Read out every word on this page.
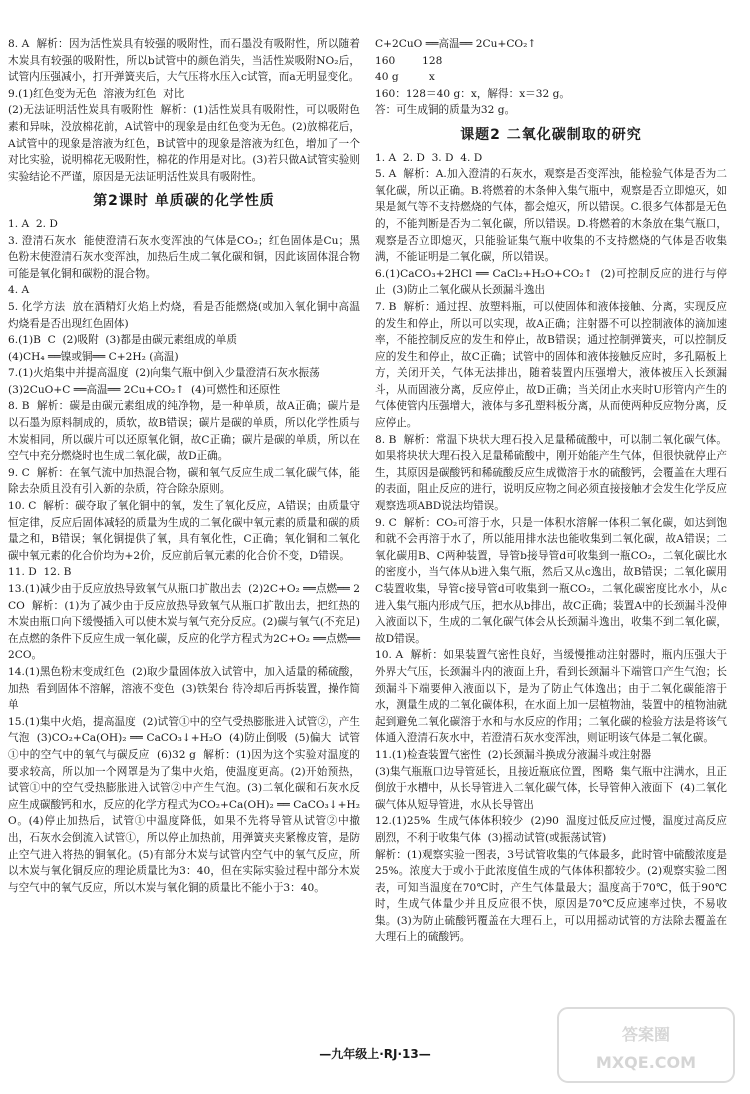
8. A  解析：因为活性炭具有较强的吸附性，而石墨没有吸附性，所以随着木炭具有较强的吸附性，所以b试管中的颜色消失，当活性炭吸附NO₂后，试管内压强减小，打开弹簧夹后，大气压将水压入c试管，而a无明显变化。

9.(1)红色变为无色  溶液为红色  对比

(2)无法证明活性炭具有吸附性  解析：(1)活性炭具有吸附性，可以吸附色素和异味，没放棉花前，A试管中的现象是由红色变为无色。(2)放棉花后，A试管中的现象是溶液为红色，B试管中的现象是溶液为红色，增加了一个对比实验，说明棉花无吸附性，棉花的作用是对比。(3)若只做A试管实验则实验结论不严谨，原因是无法证明活性炭具有吸附性。

第2课时 单质碳的化学性质

1. A  2. D

3. 澄清石灰水  能使澄清石灰水变浑浊的气体是CO₂；红色固体是Cu；黑色粉末使澄清石灰水变浑浊，加热后生成二氧化碳和铜，因此该固体混合物可能是氧化铜和碳粉的混合物。

4. A

5. 化学方法  放在酒精灯火焰上灼烧，看是否能燃烧(或加入氧化铜中高温灼烧看是否出现红色固体)

6.(1)B  C  (2)吸附  (3)都是由碳元素组成的单质

(4)CH₄ ══镍或铜══ C+2H₂ (高温)

7.(1)火焰集中并提高温度  (2)向集气瓶中倒入少量澄清石灰水振荡

(3)2CuO+C ══高温══ 2Cu+CO₂↑  (4)可燃性和还原性

8. B  解析：碳是由碳元素组成的纯净物，是一种单质，故A正确；碳片是以石墨为原料制成的，质软，故B错误；碳片是碳的单质，所以化学性质与木炭相同，所以碳片可以还原氧化铜，故C正确；碳片是碳的单质，所以在空气中充分燃烧时也生成二氧化碳，故D正确。

9. C  解析：在氧气流中加热混合物，碳和氧气反应生成二氧化碳气体，能除去杂质且没有引入新的杂质，符合除杂原则。

10. C  解析：碳夺取了氧化铜中的氧，发生了氧化反应，A错误；由质量守恒定律，反应后固体减轻的质量为生成的二氧化碳中氧元素的质量和碳的质量之和，B错误；氧化铜提供了氧，具有氧化性，C正确；氧化铜和二氧化碳中氧元素的化合价均为+2价，反应前后氧元素的化合价不变，D错误。

11. D  12. B

13.(1)减少由于反应放热导致氧气从瓶口扩散出去  (2)2C+O₂ ══点燃══ 2CO  解析：(1)为了减少由于反应放热导致氧气从瓶口扩散出去，把红热的木炭由瓶口向下缓慢插入可以使木炭与氧气充分反应。(2)碳与氧气(不充足)在点燃的条件下反应生成一氧化碳，反应的化学方程式为2C+O₂ ══点燃══ 2CO。

14.(1)黑色粉末变成红色  (2)取少量固体放入试管中，加入适量的稀硫酸，加热  看到固体不溶解，溶液不变色  (3)铁架台 待冷却后再拆装置，操作简单

15.(1)集中火焰，提高温度  (2)试管①中的空气受热膨胀进入试管②，产生气泡  (3)CO₂+Ca(OH)₂ ══ CaCO₃↓+H₂O  (4)防止倒吸  (5)偏大  试管①中的空气中的氧气与碳反应  (6)32 g  解析：(1)因为这个实验对温度的要求较高，所以加一个网罩是为了集中火焰，使温度更高。(2)开始预热，试管①中的空气受热膨胀进入试管②中产生气泡。(3)二氧化碳和石灰水反应生成碳酸钙和水，反应的化学方程式为CO₂+Ca(OH)₂ ══ CaCO₃↓+H₂O。(4)停止加热后，试管①中温度降低，如果不先将导管从试管②中撤出，石灰水会倒流入试管①，所以停止加热前，用弹簧夹夹紧橡皮管，是防止空气进入将热的铜氧化。(5)有部分木炭与试管内空气中的氧气反应，所以木炭与氧化铜反应的理论质量比为3：40，但在实际实验过程中部分木炭与空气中的氧气反应，所以木炭与氧化铜的质量比不能小于3：40。

C+2CuO ══高温══ 2Cu+CO₂↑

160        128

40 g         x

160：128＝40 g：x，解得：x＝32 g。

答：可生成铜的质量为32 g。

课题2 二氧化碳制取的研究

1. A  2. D  3. D  4. D

5. A  解析：A.加入澄清的石灰水，观察是否变浑浊，能检验气体是否为二氧化碳，所以正确。B.将燃着的木条伸入集气瓶中，观察是否立即熄灭，如果是氮气等不支持燃烧的气体，都会熄灭，所以错误。C.很多气体都是无色的，不能判断是否为二氧化碳，所以错误。D.将燃着的木条放在集气瓶口，观察是否立即熄灭，只能验证集气瓶中收集的不支持燃烧的气体是否收集满，不能证明是二氧化碳，所以错误。

6.(1)CaCO₃+2HCl ══ CaCl₂+H₂O+CO₂↑  (2)可控制反应的进行与停止  (3)防止二氧化碳从长颈漏斗逸出

7. B  解析：通过捏、放塑料瓶，可以使固体和液体接触、分离，实现反应的发生和停止，所以可以实现，故A正确；注射器不可以控制液体的滴加速率，不能控制反应的发生和停止，故B错误；通过控制弹簧夹，可以控制反应的发生和停止，故C正确；试管中的固体和液体接触反应时，多孔隔板上方，关闭开关，气体无法排出，随着装置内压强增大，液体被压入长颈漏斗，从而固液分离，反应停止，故D正确；当关闭止水夹时U形管内产生的气体使管内压强增大，液体与多孔塑料板分离，从而使两种反应物分离，反应停止。

8. B  解析：常温下块状大理石投入足量稀硫酸中，可以制二氧化碳气体。如果将块状大理石投入足量稀硫酸中，刚开始能产生气体，但很快就停止产生，其原因是碳酸钙和稀硫酸反应生成微溶于水的硫酸钙，会覆盖在大理石的表面，阻止反应的进行，说明反应物之间必须直接接触才会发生化学反应  观察选项ABD说法均错误。

9. C  解析：CO₂可溶于水，只是一体积水溶解一体积二氧化碳，如达到饱和就不会再溶于水了，所以能用排水法也能收集到二氧化碳，故A错误；二氧化碳用B、C两种装置，导管b接导管d可收集到一瓶CO₂，二氧化碳比水的密度小，当气体从b进入集气瓶，然后又从c逸出，故B错误；二氧化碳用C装置收集，导管c接导管d可收集到一瓶CO₂，二氧化碳密度比水小，从c进入集气瓶内形成气压，把水从b排出，故C正确；装置A中的长颈漏斗没伸入液面以下，生成的二氧化碳气体会从长颈漏斗逸出，收集不到二氧化碳，故D错误。

10. A  解析：如果装置气密性良好，当缓慢推动注射器时，瓶内压强大于外界大气压，长颈漏斗内的液面上升，看到长颈漏斗下端管口产生气泡；长颈漏斗下端要伸入液面以下，是为了防止气体逸出；由于二氧化碳能溶于水，测量生成的二氧化碳体积，在水面上加一层植物油，装置中的植物油就起到避免二氧化碳溶于水和与水反应的作用；二氧化碳的检验方法是将该气体通入澄清石灰水中，若澄清石灰水变浑浊，则证明该气体是二氧化碳。

11.(1)检查装置气密性  (2)长颈漏斗换成分液漏斗或注射器

(3)集气瓶瓶口边导管延长，且接近瓶底位置，图略  集气瓶中注满水，且正倒放于水槽中，从长导管进入二氧化碳气体，长导管伸入液面下  (4)二氧化碳气体从短导管进，水从长导管出

12.(1)25%  生成气体体积较少  (2)90  温度过低反应过慢，温度过高反应剧烈，不利于收集气体  (3)摇动试管(或振荡试管)

解析：(1)观察实验一图表，3号试管收集的气体最多，此时管中硫酸浓度是25%。浓度大于或小于此浓度值生成的气体体积都较少。(2)观察实验二图表，可知当温度在70℃时，产生气体量最大；温度高于70℃，低于90℃时，生成气体量少并且反应很不快，原因是70℃反应速率过快，不易收集。(3)为防止硫酸钙覆盖在大理石上，可以用摇动试管的方法除去覆盖在大理石上的硫酸钙。

—九年级上·RJ·13—
答案圈
MXQE.COM
